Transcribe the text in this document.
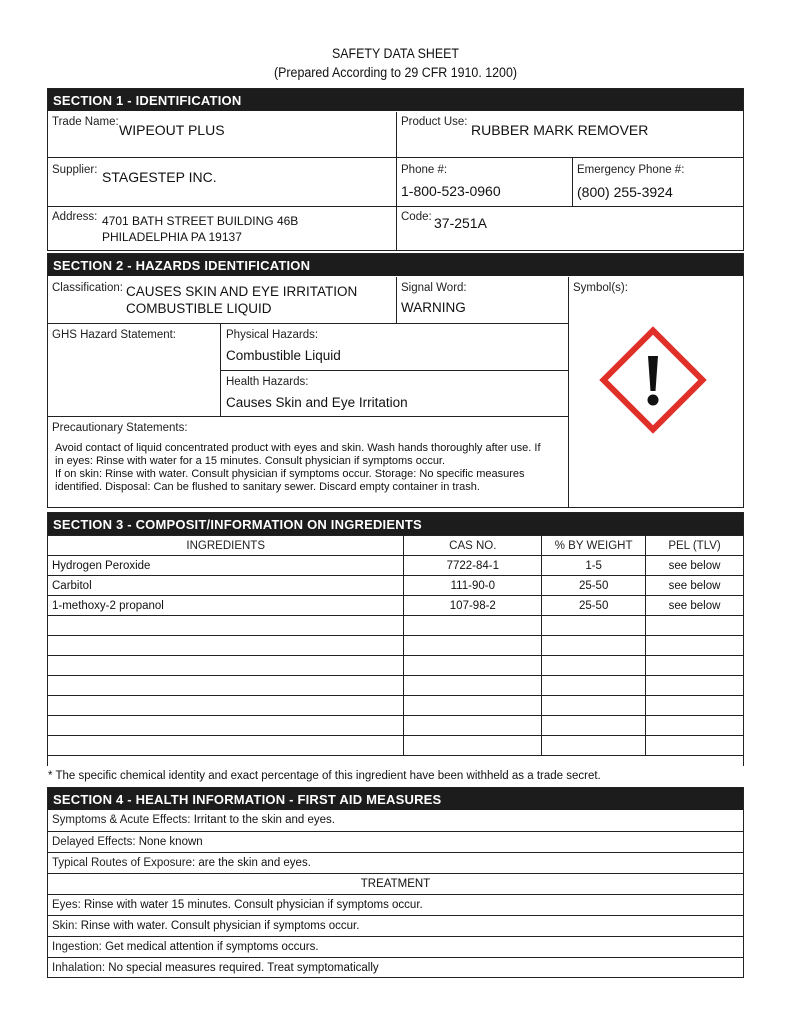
SAFETY DATA SHEET
(Prepared According to 29 CFR 1910. 1200)
SECTION 1 - IDENTIFICATION
Trade Name: WIPEOUT PLUS	Product Use: RUBBER MARK REMOVER
Supplier: STAGESTEP INC.	Phone #:
1-800-523-0960
Emergency Phone #:
(800) 255-3924
Address: 4701 BATH STREET BUILDING 46B
PHILADELPHIA PA 19137
Code: 37-251A
SECTION 2 - HAZARDS IDENTIFICATION
Classification: CAUSES SKIN AND EYE IRRITATION
COMBUSTIBLE LIQUID
Signal Word:
WARNING
Symbol(s):
GHS Hazard Statement:	Physical Hazards:
Combustible Liquid
Health Hazards:
Causes Skin and Eye Irritation
Precautionary Statements:
Avoid contact of liquid concentrated product with eyes and skin. Wash hands thoroughly after use. If
in eyes: Rinse with water for a 15 minutes. Consult physician if symptoms occur.
If on skin: Rinse with water. Consult physician if symptoms occur. Storage: No specific measures
identified. Disposal: Can be flushed to sanitary sewer. Discard empty container in trash.
SECTION 3 - COMPOSIT/INFORMATION ON INGREDIENTS
INGREDIENTS	CAS NO.	% BY WEIGHT	PEL (TLV)
Hydrogen Peroxide	7722-84-1	1-5	see below
Carbitol	111-90-0	25-50	see below
1-methoxy-2 propanol	107-98-2	25-50	see below

* The specific chemical identity and exact percentage of this ingredient have been withheld as a trade secret.
SECTION 4 - HEALTH INFORMATION - FIRST AID MEASURES
Symptoms & Acute Effects: Irritant to the skin and eyes.
Delayed Effects: None known
Typical Routes of Exposure: are the skin and eyes.
TREATMENT
Eyes: Rinse with water 15 minutes. Consult physician if symptoms occur.
Skin: Rinse with water. Consult physician if symptoms occur.
Ingestion: Get medical attention if symptoms occurs.
Inhalation: No special measures required. Treat symptomatically
